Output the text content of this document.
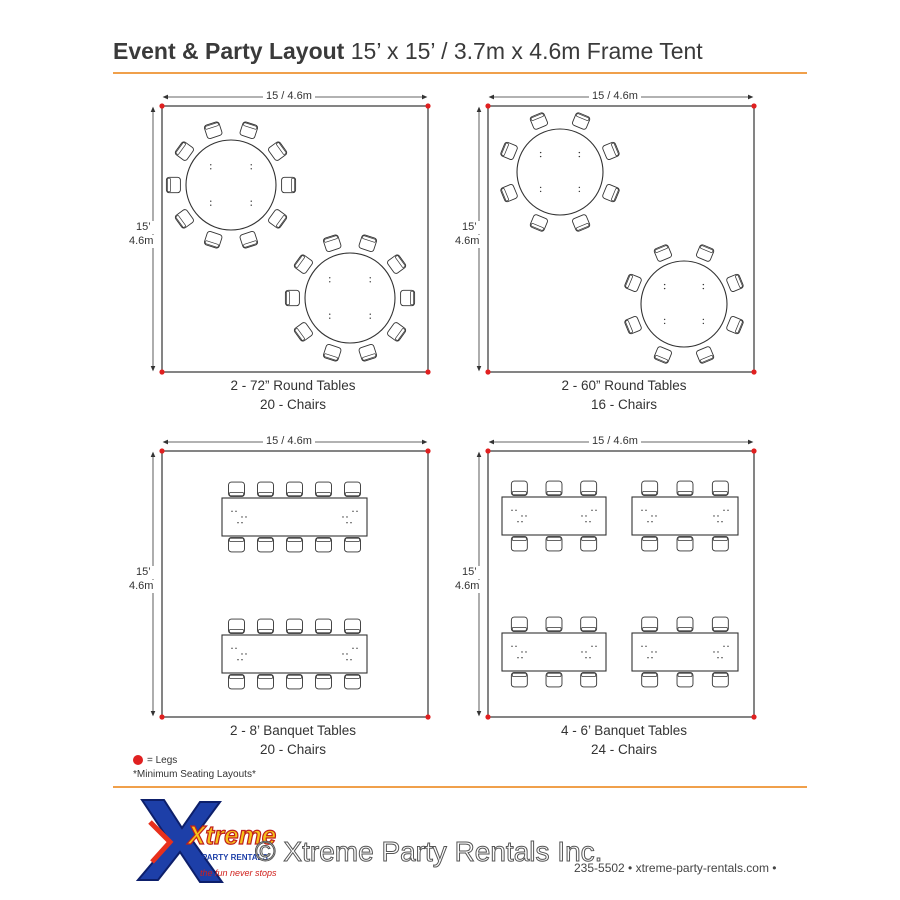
Event & Party Layout 15’ x 15’ / 3.7m x 4.6m Frame Tent
15 / 4.6m
15’
4.6m
15 / 4.6m
15’
4.6m
15 / 4.6m
15’
4.6m
15 / 4.6m
15’
4.6m
2 - 72” Round Tables
20 - Chairs
2 - 60” Round Tables
16 - Chairs
2 - 8’ Banquet Tables
20 - Chairs
4 - 6’ Banquet Tables
24 - Chairs
= Legs
*Minimum Seating Layouts*
Xtreme
PARTY RENTALS
the fun never stops
© Xtreme Party Rentals Inc.
235-5502 • xtreme-party-rentals.com •
